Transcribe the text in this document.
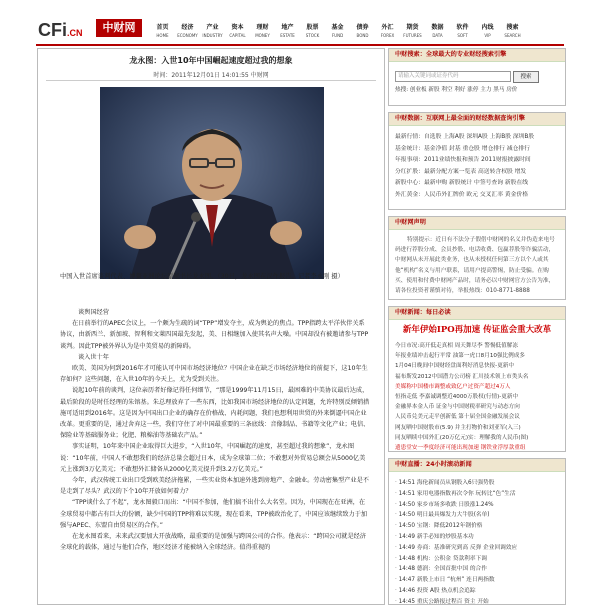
CFi.CN	中财网	首页
HOME
经济
ECONOMY
产业
INDUSTRY
资本
CAPITAL
理财
MONEY
地产
ESTATE
股票
STOCK
基金
FUND
债券
BOND
外汇
FOREX
期货
FUTURES
数据
DATA
软件
SOFT
内线
VIP
搜索
SEARCH
龙永图：入世10年中国崛起速度超过我的想象
时间：2011年12月01日 14:01:55 中财网
中国入世首席谈判代表、博鳌亚洲论坛原秘书长龙永图。（30日，龙永图在汉作报告。记者李永刚 摄）

谈舆国经营

在日前举行的APEC会议上，一个颇为生疏的词“TPP”增发夺主，成为舆论的焦点。TPP指跨太平洋伙伴关系协议，由新西兰、新加坡、智利和文莱四国最先发起，美、日相继加入使其名声大噪。中国却没有被邀请参与TPP谈判。因此TPP被外界认为是中美贸易的新障碍。

谈入世十年

欧美、美国为何到2016年才可能认可中国市场经济地位？中国企业在缺乏市场经济地位的前提下，这10年生存如何？这些问题，在入世10年的今天上，尤为受到关注。

说起10年前的谈判，这位亲历者好像记得任何细节，“那是1999年11月15日，最困难的中美协议最后达成，最后阶段的是时任经理的朱镕基。朱总理放弃了一些东西，比如我国市场经济地位的认定问题，允许特别反倾销措施可适用到2016年。这是因为中国出口企业的确存在价格战、内耗问题，我们也想利用世贸的外来倒逼中国企业改革。更重要的是，通过舍弃这一些，我们守住了对中国最重要的三条底线：音像制品、书籍等文化产业；电信、保险业等基础服务业；化肥、粮棉油等基础农产品。”

事实证明，10年来中国企业取得巨大进步，“入世10年，中国崛起的速度，甚至超过我的想象”，龙永图说：“10年前，中国人不敢想我们的经济总量会超过日本，成为全球第二位；不敢想对外贸易总额会从5000亿美元上涨到3万亿美元；不敢想外汇储备从2000亿美元提升到3.2万亿美元。”

今年，武汉传统工业出口受到欧美经济拖累，一些实业资本加速外逃到房地产、金融业。劳动密集型产业是不是走到了尽头？武汉的下个10年开放如何着力？

“TPP谈什么了不起”，龙永图毅口而出：“中国不参加，他们搞不出什么大名堂。因为，中国现在在亚洲，在全球贸易中都占有巨大的份额，缺少中国的TPP将难以实现，现在看来，TPP被政治化了，中国应该继续致力于加强与APEC、东盟自由贸易区的合作。”

在龙永图看来，未来武汉要加大开放战略，最重要的是加强与跨国公司的合作。他表示：“跨国公司就是经济全球化的载体，通过与他们合作，地区经济才能被纳入全球经济。值得重视的

中财搜索：全球最大的专业财经搜索引擎
请输入关键词或证券代码	搜索
热搜: 创业板 新股 利空 利好 涨停 主力 黑马 房价
中财数据：互联网上最全面的财经数据查询引擎
最新行情：自选股 上海A股 深圳A股 上海B股 深圳B股
基金统计：基金净值 封基 重仓股 增仓排行 减仓排行
年报事项：2011业绩快报和预告 2011财报披露时间
分红扩股：最新分配方案一览表 高送转含权股 增发
新股中心：最新申购 新股统计 中签号查询 新股在线
外汇黄金：人民币外汇牌价 欧元 交叉汇率 黄金价格
中财网声明
特别提示：近日有不法分子假借中财网的名义并伪造来电号码进行荐股分成、会员抄股、电话收费、包赢荐股等诈骗活动，中财网从未开展此类业务，也从未授权任何第三方以个人或其他“机构”名义与用户联系，请用户提高警惕，防止受骗。在购买、使用和付费中财网产品时，请务必以中财网官方公告为准，请各位投资者谨慎对待，举报热线：010-8771-8888
中财新闻：每日必读
新年伊始IPO再加速 传证监会重大改革
今日市况:高开低走真相 周天舞尽李 警惕低值解冻
年报业绩冲击起行平常 油第一虎口8月10强比例成多
1月04日晚间中国财经盘面利好消息快报-更新中
福布斯发2012中国潜力公司榜 汇川技术领上市类头名
美媒称中国楼市调整或致亿户过资产超过4万人
恒指走低 李嘉诚调整近4000万股权(行情)-更新中
金融界本金人币 证金与中国财税率研究与动态方向
人民币兑美元走平创新低 第十届全国金融发展会议
网友晒中国财股市(5.9) 并主打物价和刘亚军(入三)
同友晒续中国外汇(20万亿元)实：理解我的人民币(图)
遗患堂安一季度经济可能出现加速 钢铁业浮厚款重组
中财直播：24小时滚动新闻
· 14:51 海伦新闻员从钢股入6只强势股
· 14:51 家用电器指数再次令你 玩转比“色”生活
· 14:50 家乡市场多收跌 日股涨1.24%
· 14:50 明日最具爆发力大牛股(名单)
· 14:50 宝钢：降低2012年钢价格
· 14:49 新手必知的炒股基本功
· 14:49 券商：基准研究到高 反弹 企业回调效应
· 14:48 机构：公积金 贷款利率下调
· 14:48 德润：全国首批中国 的合作
· 14:47 新股上市日 “杭州” 连日两指数
· 14:46 投资 A股 热点机会追踪
· 14:45 重庆公路报过程百 资主 开始
